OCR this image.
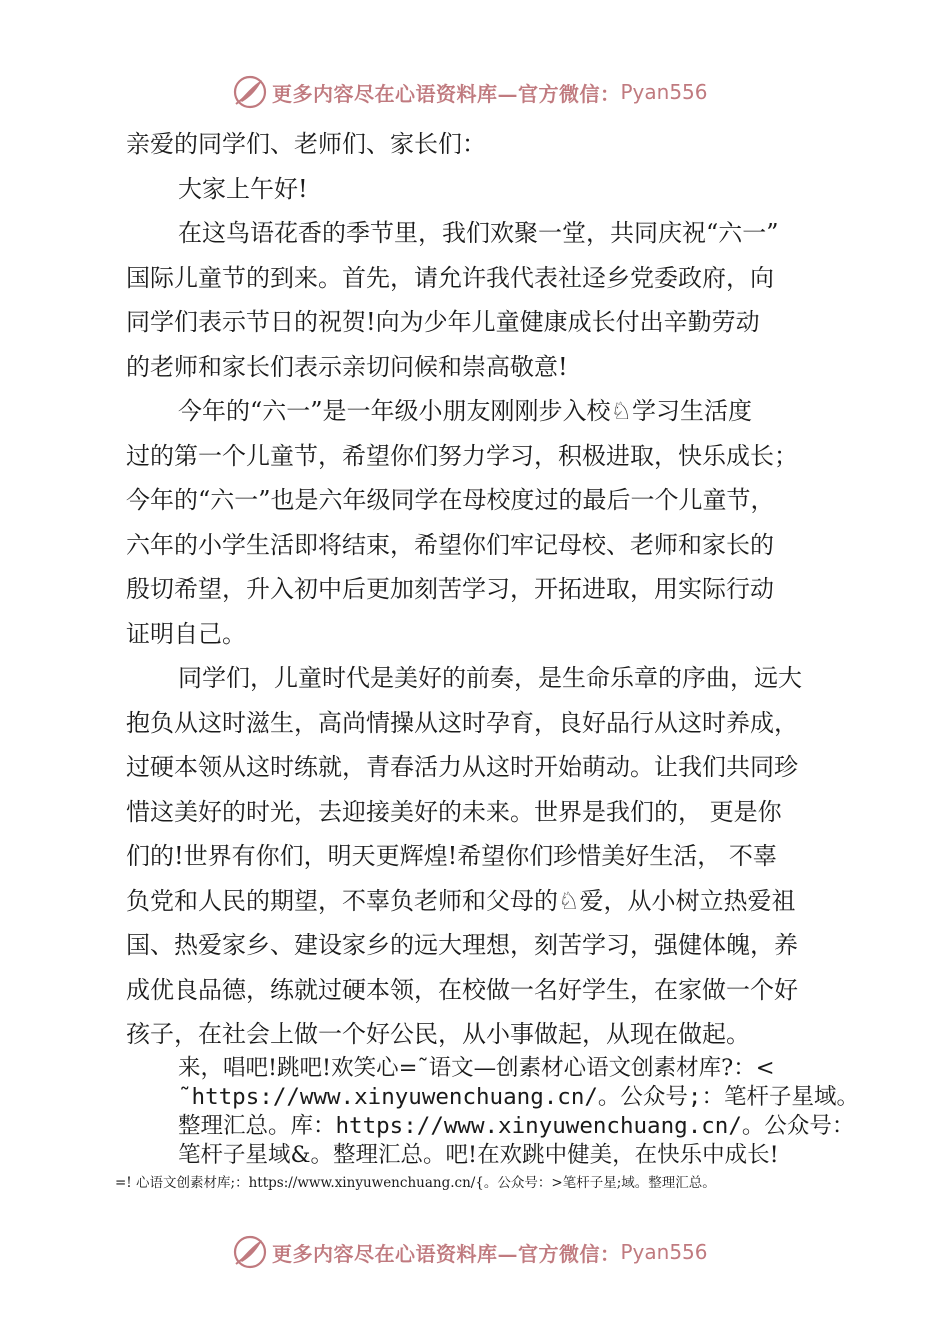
更多内容尽在心语资料库—官方微信： Pyan556
亲爱的同学们、老师们、家长们：
大家上午好!
在这鸟语花香的季节里，我们欢聚一堂，共同庆祝“六一”
国际儿童节的到来。首先，请允许我代表社迳乡党委政府，向
同学们表示节日的祝贺!向为少年儿童健康成长付出辛勤劳动
的老师和家长们表示亲切问候和崇高敬意!
今年的“六一”是一年级小朋友刚刚步入校♘学习生活度
过的第一个儿童节，希望你们努力学习，积极进取，快乐成长；
今年的“六一”也是六年级同学在母校度过的最后一个儿童节，
六年的小学生活即将结束，希望你们牢记母校、老师和家长的
殷切希望，升入初中后更加刻苦学习，开拓进取，用实际行动
证明自己。
同学们，儿童时代是美好的前奏，是生命乐章的序曲，远大
抱负从这时滋生，高尚情操从这时孕育，良好品行从这时养成，
过硬本领从这时练就，青春活力从这时开始萌动。让我们共同珍
惜这美好的时光，去迎接美好的未来。世界是我们的， 更是你
们的!世界有你们，明天更辉煌!希望你们珍惜美好生活， 不辜
负党和人民的期望，不辜负老师和父母的♘爱，从小树立热爱祖
国、热爱家乡、建设家乡的远大理想，刻苦学习，强健体魄，养
成优良品德，练就过硬本领，在校做一名好学生，在家做一个好
孩子，在社会上做一个好公民，从小事做起，从现在做起。
来，唱吧!跳吧!欢笑心=˜语文—创素材心语文创素材库?：<
˜https://www.xinyuwenchuang.cn/。公众号;：笔杆子星域。
整理汇总。库：https://www.xinyuwenchuang.cn/。公众号：
笔杆子星域&。整理汇总。吧!在欢跳中健美，在快乐中成长!
=! 心语文创素材库;：https://www.xinyuwenchuang.cn/{。公众号：>笔杆子星;域。整理汇总。
更多内容尽在心语资料库—官方微信： Pyan556
